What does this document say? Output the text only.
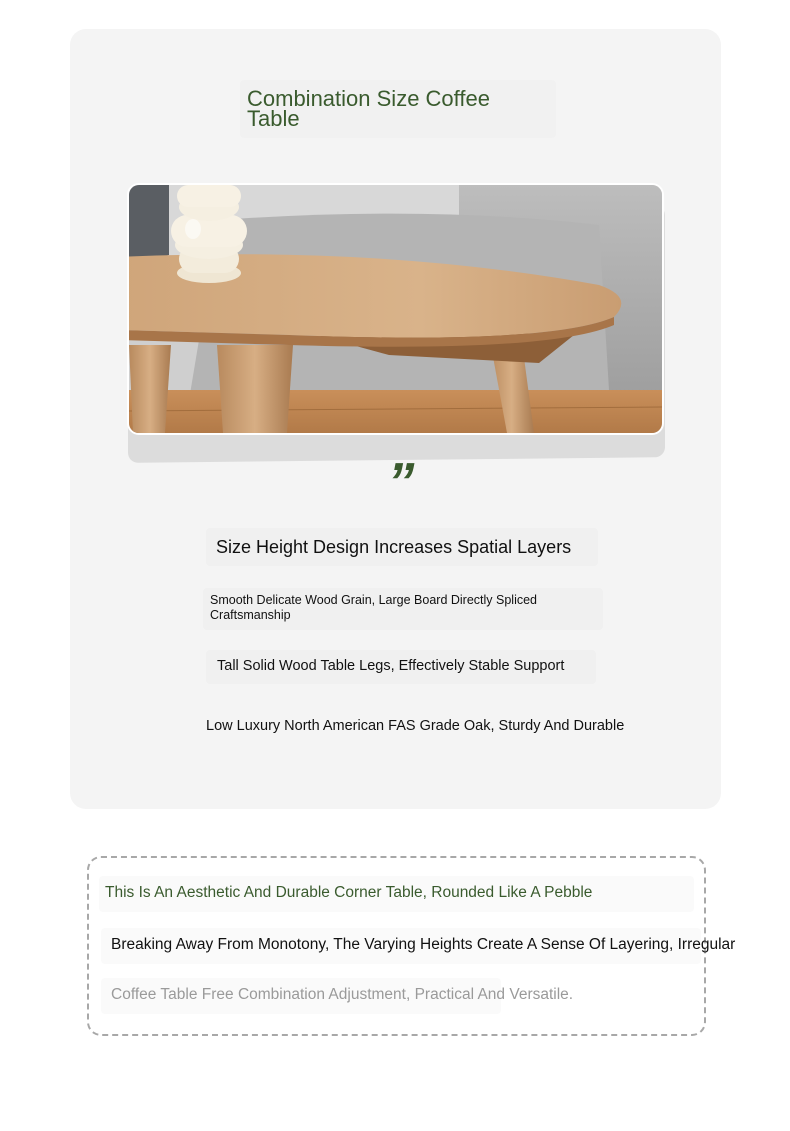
Combination Size Coffee Table
”
Size Height Design Increases Spatial Layers
Smooth Delicate Wood Grain, Large Board Directly Spliced Craftsmanship
Tall Solid Wood Table Legs, Effectively Stable Support
Low Luxury North American FAS Grade Oak, Sturdy And Durable
This Is An Aesthetic And Durable Corner Table, Rounded Like A Pebble
Breaking Away From Monotony, The Varying Heights Create A Sense Of Layering, Irregular
Coffee Table Free Combination Adjustment, Practical And Versatile.
